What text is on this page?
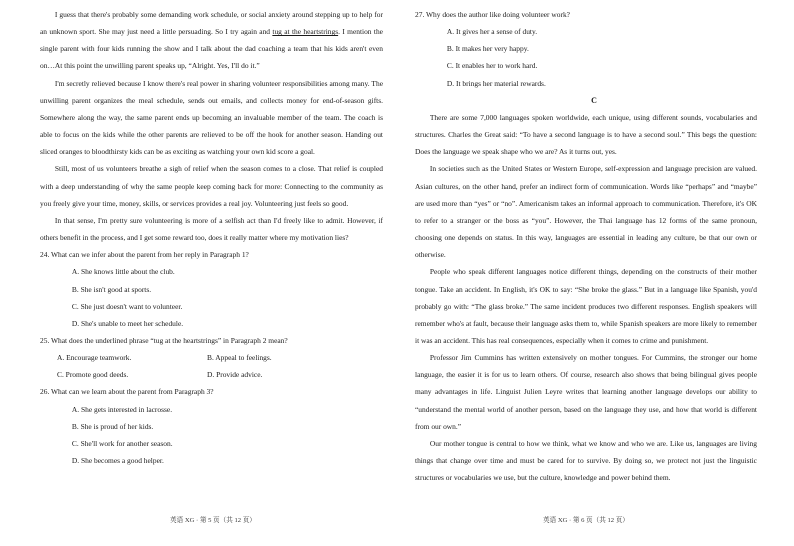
I guess that there's probably some demanding work schedule, or social anxiety around stepping up to help for an unknown sport. She may just need a little persuading. So I try again and tug at the heartstrings. I mention the single parent with four kids running the show and I talk about the dad coaching a team that his kids aren't even on…At this point the unwilling parent speaks up, “Alright. Yes, I'll do it.”

I'm secretly relieved because I know there's real power in sharing volunteer responsibilities among many. The unwilling parent organizes the meal schedule, sends out emails, and collects money for end-of-season gifts. Somewhere along the way, the same parent ends up becoming an invaluable member of the team. The coach is able to focus on the kids while the other parents are relieved to be off the hook for another season. Handing out sliced oranges to bloodthirsty kids can be as exciting as watching your own kid score a goal.

Still, most of us volunteers breathe a sigh of relief when the season comes to a close. That relief is coupled with a deep understanding of why the same people keep coming back for more: Connecting to the community as you freely give your time, money, skills, or services provides a real joy. Volunteering just feels so good.

In that sense, I'm pretty sure volunteering is more of a selfish act than I'd freely like to admit. However, if others benefit in the process, and I get some reward too, does it really matter where my motivation lies?

24. What can we infer about the parent from her reply in Paragraph 1?

A. She knows little about the club.

B. She isn't good at sports.

C. She just doesn't want to volunteer.

D. She's unable to meet her schedule.

25. What does the underlined phrase “tug at the heartstrings” in Paragraph 2 mean?

A. Encourage teamwork.	B. Appeal to feelings.
C. Promote good deeds.	D. Provide advice.

26. What can we learn about the parent from Paragraph 3?

A. She gets interested in lacrosse.

B. She is proud of her kids.

C. She'll work for another season.

D. She becomes a good helper.

27. Why does the author like doing volunteer work?

A. It gives her a sense of duty.

B. It makes her very happy.

C. It enables her to work hard.

D. It brings her material rewards.

C

There are some 7,000 languages spoken worldwide, each unique, using different sounds, vocabularies and structures. Charles the Great said: “To have a second language is to have a second soul.” This begs the question: Does the language we speak shape who we are? As it turns out, yes.

In societies such as the United States or Western Europe, self-expression and language precision are valued. Asian cultures, on the other hand, prefer an indirect form of communication. Words like “perhaps” and “maybe” are used more than “yes” or “no”. Americanism takes an informal approach to communication. Therefore, it's OK to refer to a stranger or the boss as “you”. However, the Thai language has 12 forms of the same pronoun, choosing one depends on status. In this way, languages are essential in leading any culture, be that our own or otherwise.

People who speak different languages notice different things, depending on the constructs of their mother tongue. Take an accident. In English, it's OK to say: “She broke the glass.” But in a language like Spanish, you'd probably go with: “The glass broke.” The same incident produces two different responses. English speakers will remember who's at fault, because their language asks them to, while Spanish speakers are more likely to remember it was an accident. This has real consequences, especially when it comes to crime and punishment.

Professor Jim Cummins has written extensively on mother tongues. For Cummins, the stronger our home language, the easier it is for us to learn others. Of course, research also shows that being bilingual gives people many advantages in life. Linguist Julien Leyre writes that learning another language develops our ability to “understand the mental world of another person, based on the language they use, and how that world is different from our own.”

Our mother tongue is central to how we think, what we know and who we are. Like us, languages are living things that change over time and must be cared for to survive. By doing so, we protect not just the linguistic structures or vocabularies we use, but the culture, knowledge and power behind them.

英语 XG · 第 5 页（共 12 页）	英语 XG · 第 6 页（共 12 页）
